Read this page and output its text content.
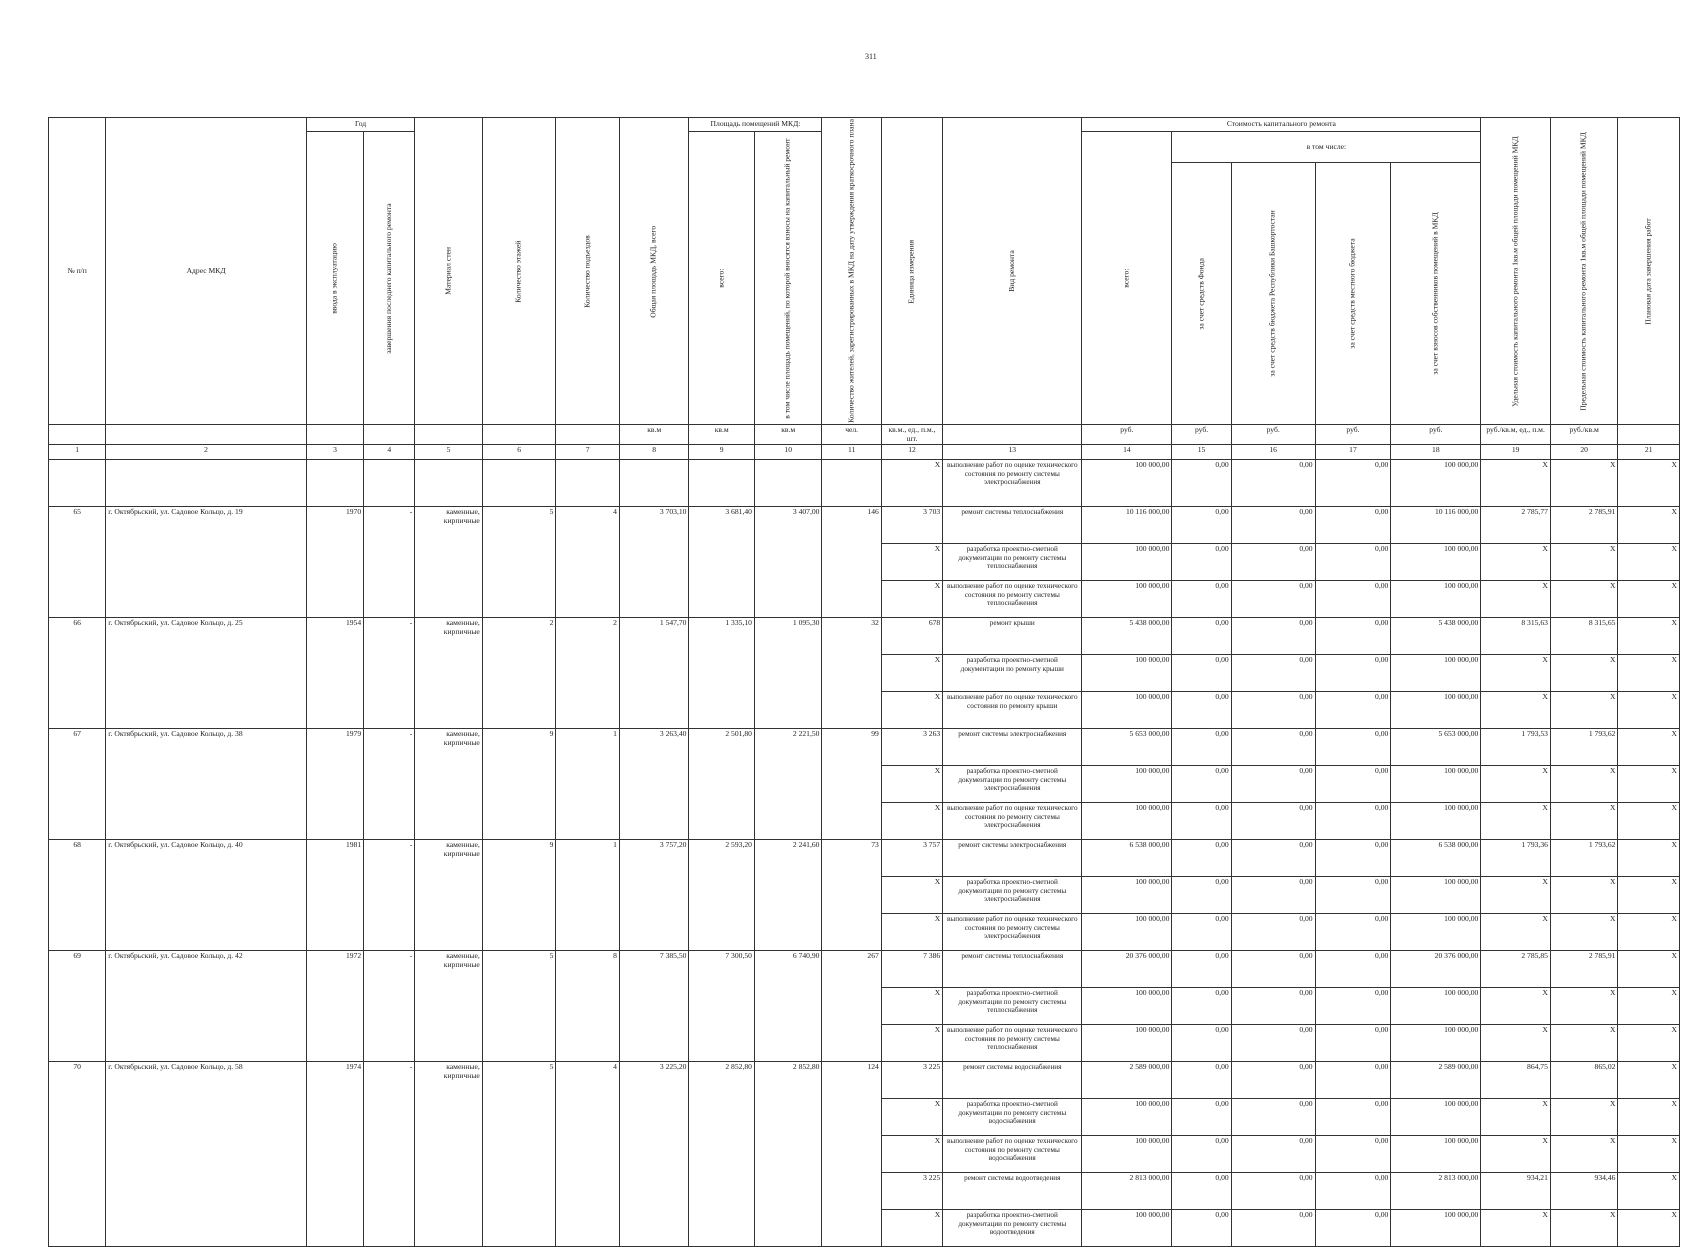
311
№ п/п	Адрес МКД	Год		Материал стен	Количество этажей	Количество подъездов	Общая площадь МКД, всего	Площадь помещений МКД:		Количество жителей, зарегистрированных в МКД на дату утверждения краткосрочного плана	Единица измерения	Вид ремонта	Стоимость капитального ремонта					Удельная стоимость капитального ремонта 1кв.м общей площади помещений МКД	Предельная стоимость капитального ремонта 1кв.м общей площади помещений МКД	Плановая дата завершения работ
		ввода в эксплуатацию	завершения последнего капитального ремонта					всего:	в том числе площадь помещений, по которой вносятся взносы на капитальный ремонт				всего:	в том числе:						
														за счет средств Фонда	за счет средств бюджета Республики Башкортостан	за счет средств местного бюджета	за счет взносов собственников помещений в МКД			
							кв.м	кв.м	кв.м	чел.	кв.м., ед., п.м., шт.		руб.	руб.	руб.	руб.	руб.	руб./кв.м, ед., п.м.	руб./кв.м	
1	2	3	4	5	6	7	8	9	10	11	12	13	14	15	16	17	18	19	20	21
											X	выполнение работ по оценке технического состояния по ремонту системы электроснабжения	100 000,00	0,00	0,00	0,00	100 000,00	X	X	X
65	г. Октябрьский, ул. Садовое Кольцо, д. 19	1970	-	каменные, кирпичные	5	4	3 703,10	3 681,40	3 407,00	146	3 703	ремонт системы теплоснабжения	10 116 000,00	0,00	0,00	0,00	10 116 000,00	2 785,77	2 785,91	X
											X	разработка проектно-сметной документации по ремонту системы теплоснабжения	100 000,00	0,00	0,00	0,00	100 000,00	X	X	X
											X	выполнение работ по оценке технического состояния по ремонту системы теплоснабжения	100 000,00	0,00	0,00	0,00	100 000,00	X	X	X
66	г. Октябрьский, ул. Садовое Кольцо, д. 25	1954	-	каменные, кирпичные	2	2	1 547,70	1 335,10	1 095,30	32	678	ремонт крыши	5 438 000,00	0,00	0,00	0,00	5 438 000,00	8 315,63	8 315,65	X
											X	разработка проектно-сметной документации по ремонту крыши	100 000,00	0,00	0,00	0,00	100 000,00	X	X	X
											X	выполнение работ по оценке технического состояния по ремонту крыши	100 000,00	0,00	0,00	0,00	100 000,00	X	X	X
67	г. Октябрьский, ул. Садовое Кольцо, д. 38	1979	-	каменные, кирпичные	9	1	3 263,40	2 501,80	2 221,50	99	3 263	ремонт системы электроснабжения	5 653 000,00	0,00	0,00	0,00	5 653 000,00	1 793,53	1 793,62	X
											X	разработка проектно-сметной документации по ремонту системы электроснабжения	100 000,00	0,00	0,00	0,00	100 000,00	X	X	X
											X	выполнение работ по оценке технического состояния по ремонту системы электроснабжения	100 000,00	0,00	0,00	0,00	100 000,00	X	X	X
68	г. Октябрьский, ул. Садовое Кольцо, д. 40	1981	-	каменные, кирпичные	9	1	3 757,20	2 593,20	2 241,60	73	3 757	ремонт системы электроснабжения	6 538 000,00	0,00	0,00	0,00	6 538 000,00	1 793,36	1 793,62	X
											X	разработка проектно-сметной документации по ремонту системы электроснабжения	100 000,00	0,00	0,00	0,00	100 000,00	X	X	X
											X	выполнение работ по оценке технического состояния по ремонту системы электроснабжения	100 000,00	0,00	0,00	0,00	100 000,00	X	X	X
69	г. Октябрьский, ул. Садовое Кольцо, д. 42	1972	-	каменные, кирпичные	5	8	7 385,50	7 300,50	6 740,90	267	7 386	ремонт системы теплоснабжения	20 376 000,00	0,00	0,00	0,00	20 376 000,00	2 785,85	2 785,91	X
											X	разработка проектно-сметной документации по ремонту системы теплоснабжения	100 000,00	0,00	0,00	0,00	100 000,00	X	X	X
											X	выполнение работ по оценке технического состояния по ремонту системы теплоснабжения	100 000,00	0,00	0,00	0,00	100 000,00	X	X	X
70	г. Октябрьский, ул. Садовое Кольцо, д. 58	1974	-	каменные, кирпичные	5	4	3 225,20	2 852,80	2 852,80	124	3 225	ремонт системы водоснабжения	2 589 000,00	0,00	0,00	0,00	2 589 000,00	864,75	865,02	X
											X	разработка проектно-сметной документации по ремонту системы водоснабжения	100 000,00	0,00	0,00	0,00	100 000,00	X	X	X
											X	выполнение работ по оценке технического состояния по ремонту системы водоснабжения	100 000,00	0,00	0,00	0,00	100 000,00	X	X	X
											3 225	ремонт системы водоотведения	2 813 000,00	0,00	0,00	0,00	2 813 000,00	934,21	934,46	X
											X	разработка проектно-сметной документации по ремонту системы водоотведения	100 000,00	0,00	0,00	0,00	100 000,00	X	X	X
